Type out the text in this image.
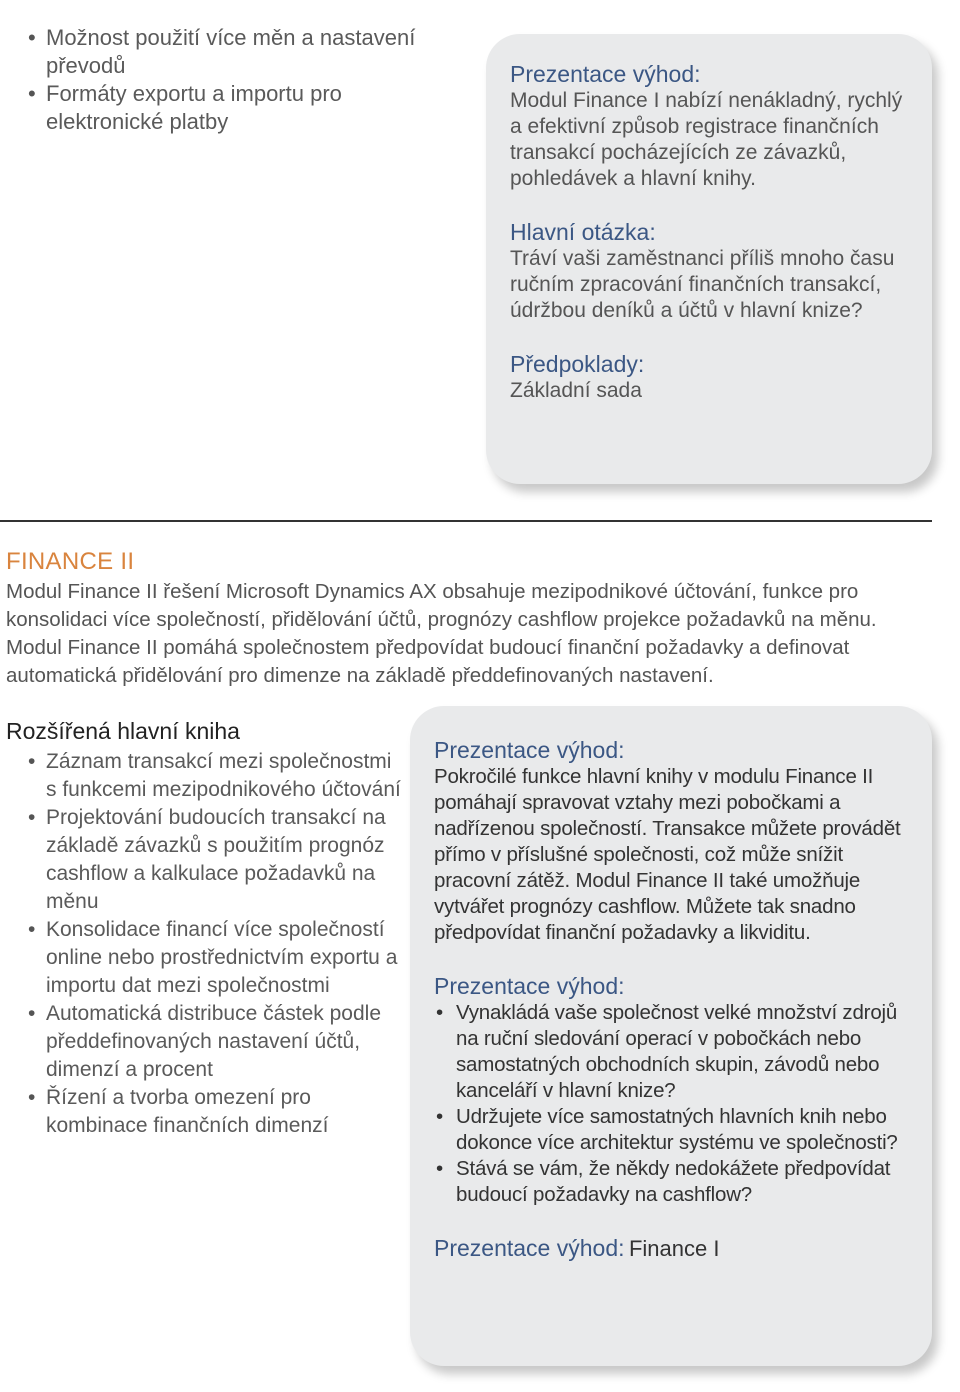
• Možnost použití více měn a nastavení převodů
• Formáty exportu a importu pro elektronické platby
Prezentace výhod:
Modul Finance I nabízí nenákladný, rychlý a efektivní způsob registrace finančních transakcí pocházejících ze závazků, pohledávek a hlavní knihy.
Hlavní otázka:
Tráví vaši zaměstnanci příliš mnoho času ručním zpracování finančních transakcí, údržbou deníků a účtů v hlavní knize?
Předpoklady:
Základní sada
FINANCE II

Modul Finance II řešení Microsoft Dynamics AX obsahuje mezipodnikové účtování, funkce pro konsolidaci více společností, přidělování účtů, prognózy cashflow projekce požadavků na měnu. Modul Finance II pomáhá společnostem předpovídat budoucí finanční požadavky a definovat automatická přidělování pro dimenze na základě předdefinovaných nastavení.

Rozšířená hlavní kniha
• Záznam transakcí mezi společnostmi s funkcemi mezipodnikového účtování
• Projektování budoucích transakcí na základě závazků s použitím prognóz cashflow a kalkulace požadavků na měnu
• Konsolidace financí více společností online nebo prostřednictvím exportu a importu dat mezi společnostmi
• Automatická distribuce částek podle předdefinovaných nastavení účtů, dimenzí a procent
• Řízení a tvorba omezení pro kombinace finančních dimenzí
Prezentace výhod:
Pokročilé funkce hlavní knihy v modulu Finance II pomáhají spravovat vztahy mezi pobočkami a nadřízenou společností. Transakce můžete provádět přímo v příslušné společnosti, což může snížit pracovní zátěž. Modul Finance II také umožňuje vytvářet prognózy cashflow. Můžete tak snadno předpovídat finanční požadavky a likviditu.
Prezentace výhod:
• Vynakládá vaše společnost velké množství zdrojů na ruční sledování operací v pobočkách nebo samostatných obchodních skupin, závodů nebo kanceláří v hlavní knize?
• Udržujete více samostatných hlavních knih nebo dokonce více architektur systému ve společnosti?
• Stává se vám, že někdy nedokážete předpovídat budoucí požadavky na cashflow?
Prezentace výhod: Finance I
